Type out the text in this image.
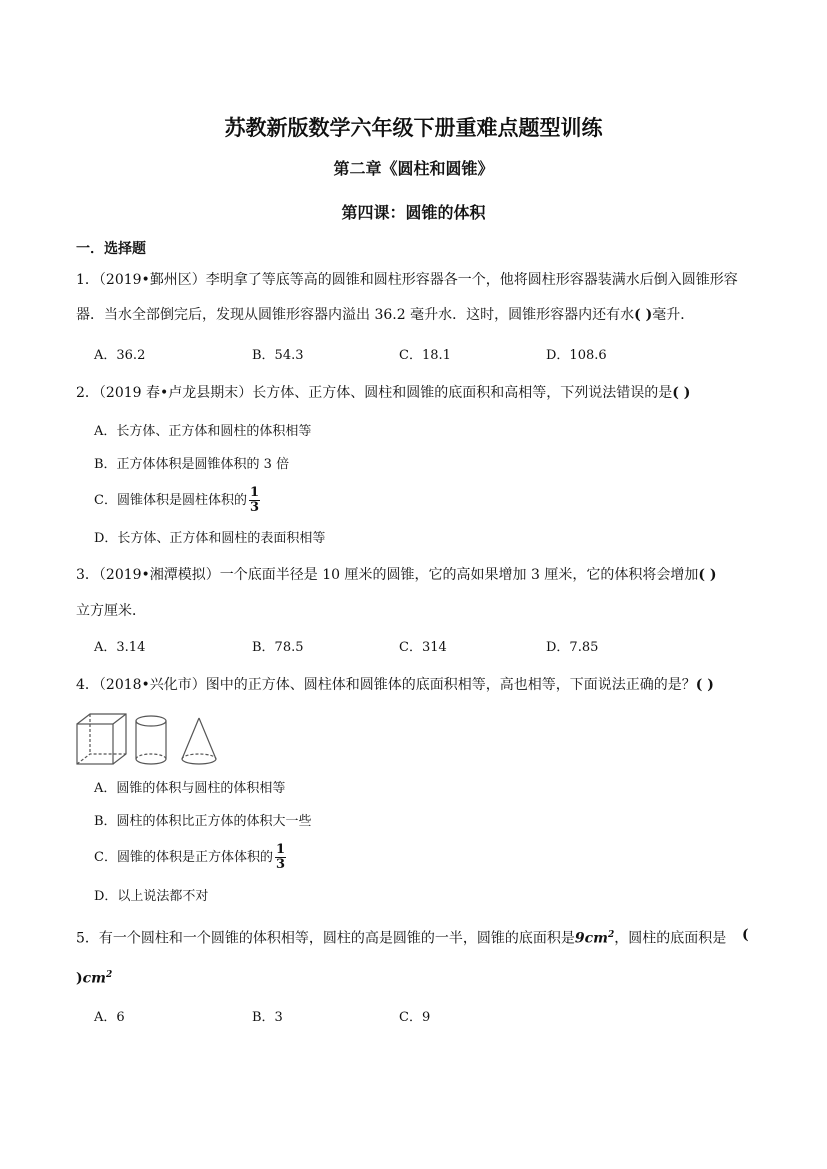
苏教新版数学六年级下册重难点题型训练
第二章《圆柱和圆锥》
第四课：圆锥的体积
一．选择题
1．（2019•鄞州区）李明拿了等底等高的圆锥和圆柱形容器各一个，他将圆柱形容器装满水后倒入圆锥形容
器．当水全部倒完后，发现从圆锥形容器内溢出 36.2 毫升水．这时，圆锥形容器内还有水( )毫升．
A．36.2	B．54.3	C．18.1	D．108.6
2．（2019 春•卢龙县期末）长方体、正方体、圆柱和圆锥的底面积和高相等，下列说法错误的是( )
A．长方体、正方体和圆柱的体积相等
B．正方体体积是圆锥体积的 3 倍
C．圆锥体积是圆柱体积的 $\frac{1}{3}$
D．长方体、正方体和圆柱的表面积相等
3．（2019•湘潭模拟）一个底面半径是 10 厘米的圆锥，它的高如果增加 3 厘米，它的体积将会增加( )
立方厘米．
A．3.14	B．78.5	C．314	D．7.85
4．（2018•兴化市）图中的正方体、圆柱体和圆锥体的底面积相等，高也相等，下面说法正确的是？( )
A．圆锥的体积与圆柱的体积相等
B．圆柱的体积比正方体的体积大一些
C．圆锥的体积是正方体体积的 $\frac{1}{3}$
D．以上说法都不对
5．有一个圆柱和一个圆锥的体积相等，圆柱的高是圆锥的一半，圆锥的底面积是$9cm^2$，圆柱的底面积是	(
)$cm^2$
A．6	B．3	C．9
